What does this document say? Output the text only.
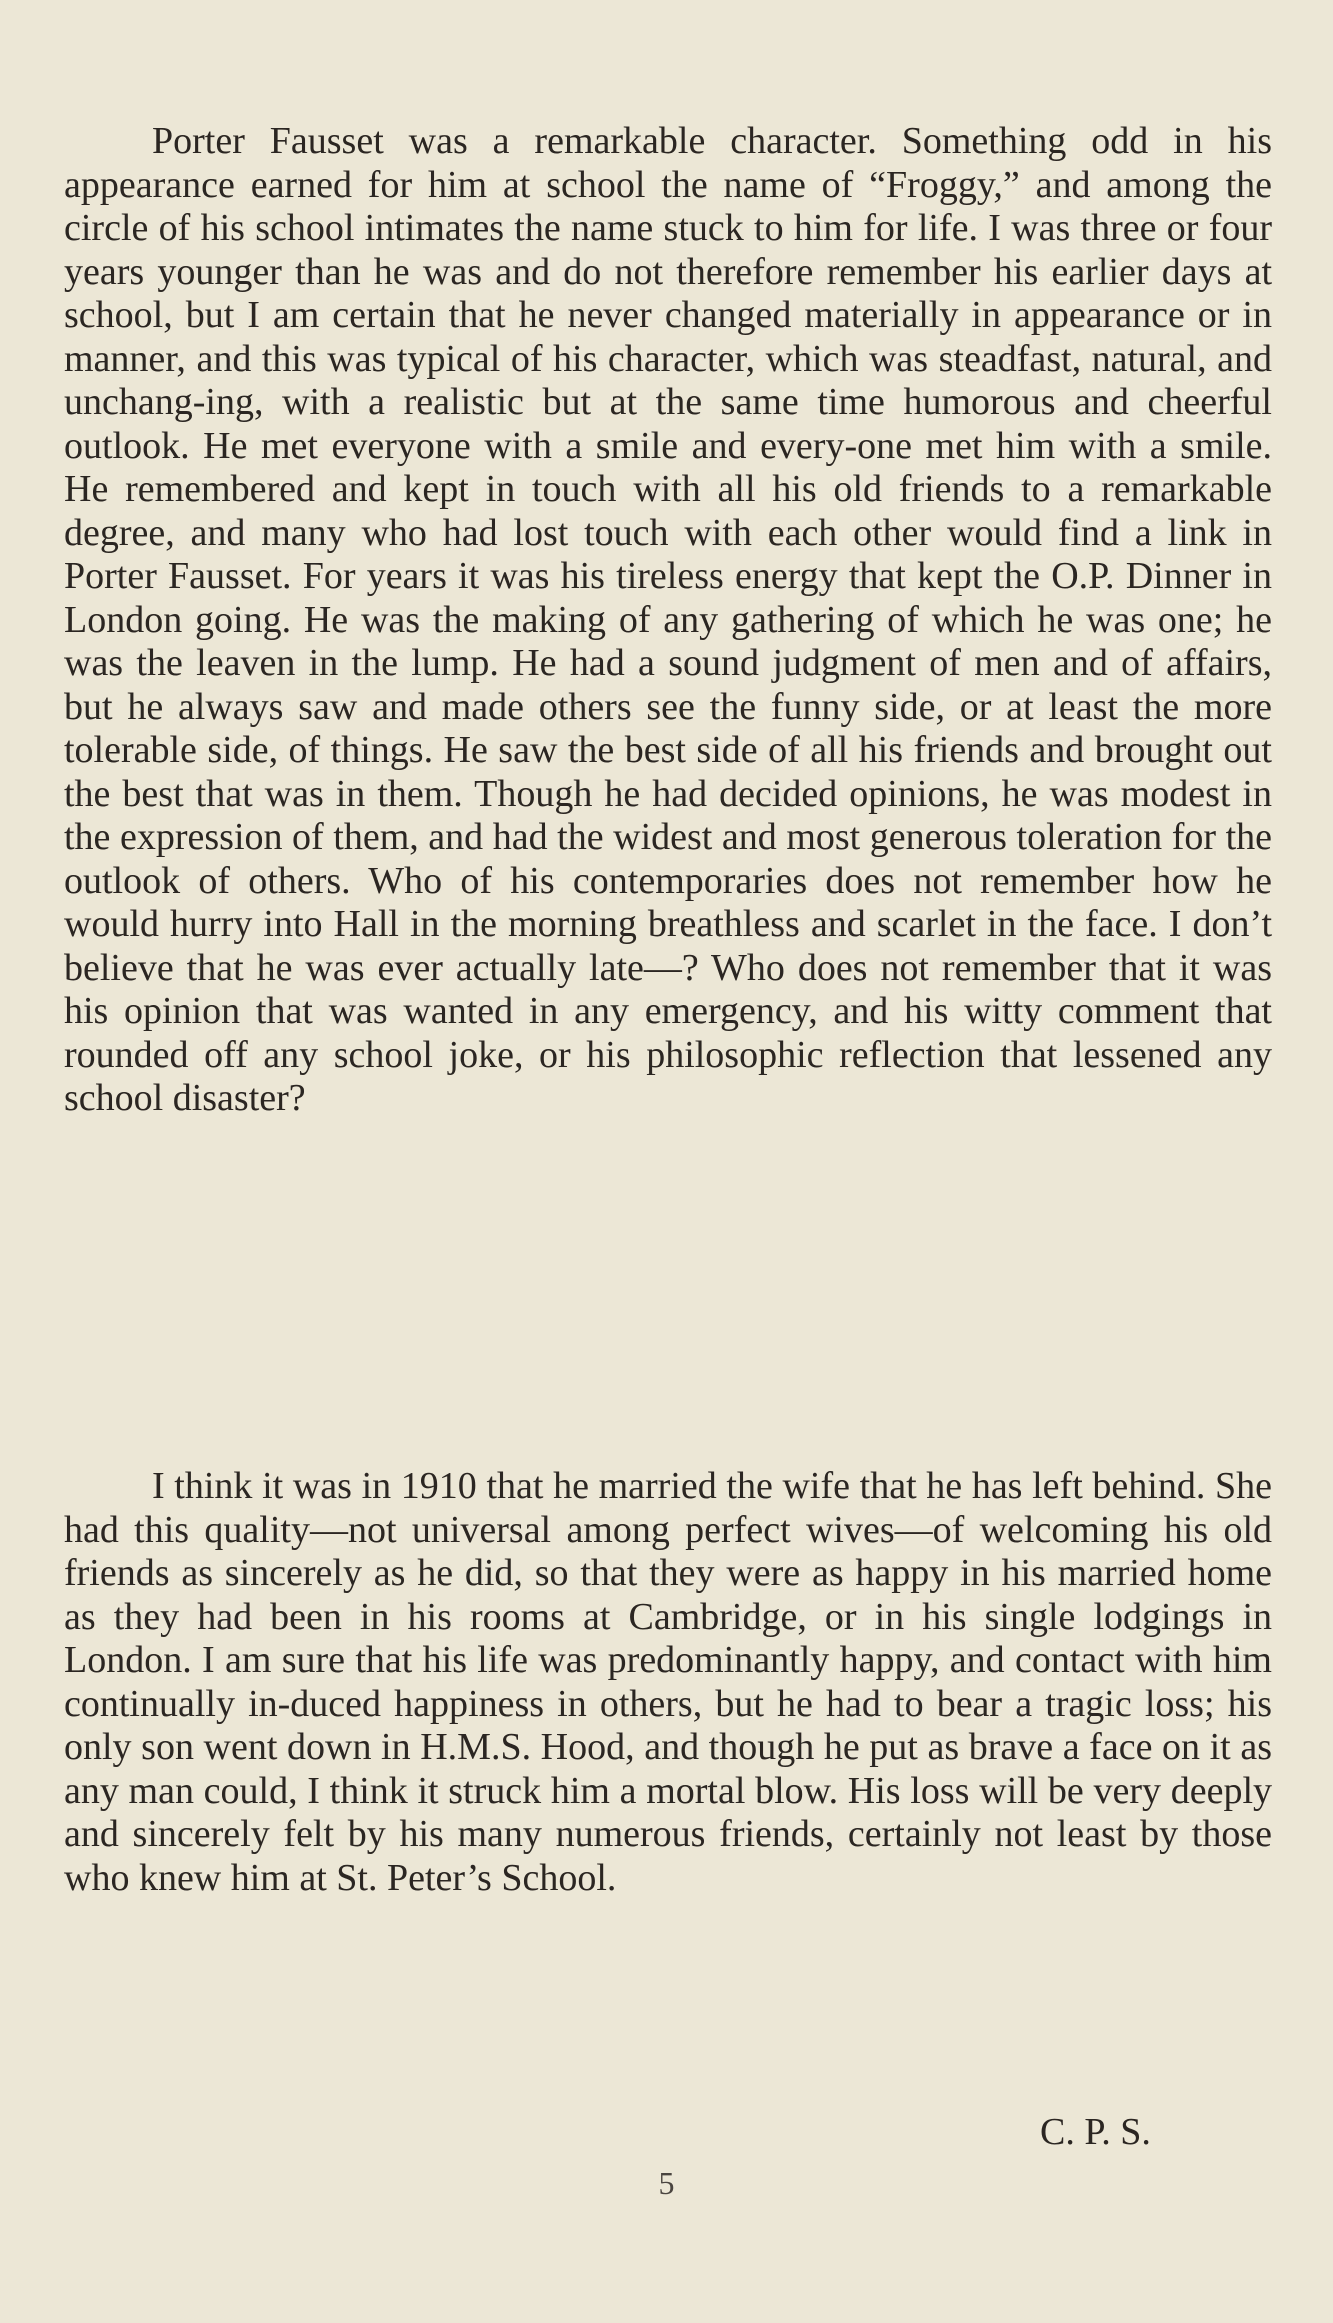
Porter Fausset was a remarkable character. Something odd in his appearance earned for him at school the name of “Froggy,” and among the circle of his school intimates the name stuck to him for life. I was three or four years younger than he was and do not therefore remember his earlier days at school, but I am certain that he never changed materially in appearance or in manner, and this was typical of his character, which was steadfast, natural, and unchang-ing, with a realistic but at the same time humorous and cheerful outlook. He met everyone with a smile and every-one met him with a smile. He remembered and kept in touch with all his old friends to a remarkable degree, and many who had lost touch with each other would find a link in Porter Fausset. For years it was his tireless energy that kept the O.P. Dinner in London going. He was the making of any gathering of which he was one; he was the leaven in the lump. He had a sound judgment of men and of affairs, but he always saw and made others see the funny side, or at least the more tolerable side, of things. He saw the best side of all his friends and brought out the best that was in them. Though he had decided opinions, he was modest in the expression of them, and had the widest and most generous toleration for the outlook of others. Who of his contemporaries does not remember how he would hurry into Hall in the morning breathless and scarlet in the face. I don’t believe that he was ever actually late—? Who does not remember that it was his opinion that was wanted in any emergency, and his witty comment that rounded off any school joke, or his philosophic reflection that lessened any school disaster?

I think it was in 1910 that he married the wife that he has left behind. She had this quality—not universal among perfect wives—of welcoming his old friends as sincerely as he did, so that they were as happy in his married home as they had been in his rooms at Cambridge, or in his single lodgings in London. I am sure that his life was predominantly happy, and contact with him continually in-duced happiness in others, but he had to bear a tragic loss; his only son went down in H.M.S. Hood, and though he put as brave a face on it as any man could, I think it struck him a mortal blow. His loss will be very deeply and sincerely felt by his many numerous friends, certainly not least by those who knew him at St. Peter’s School.

C. P. S.
5
